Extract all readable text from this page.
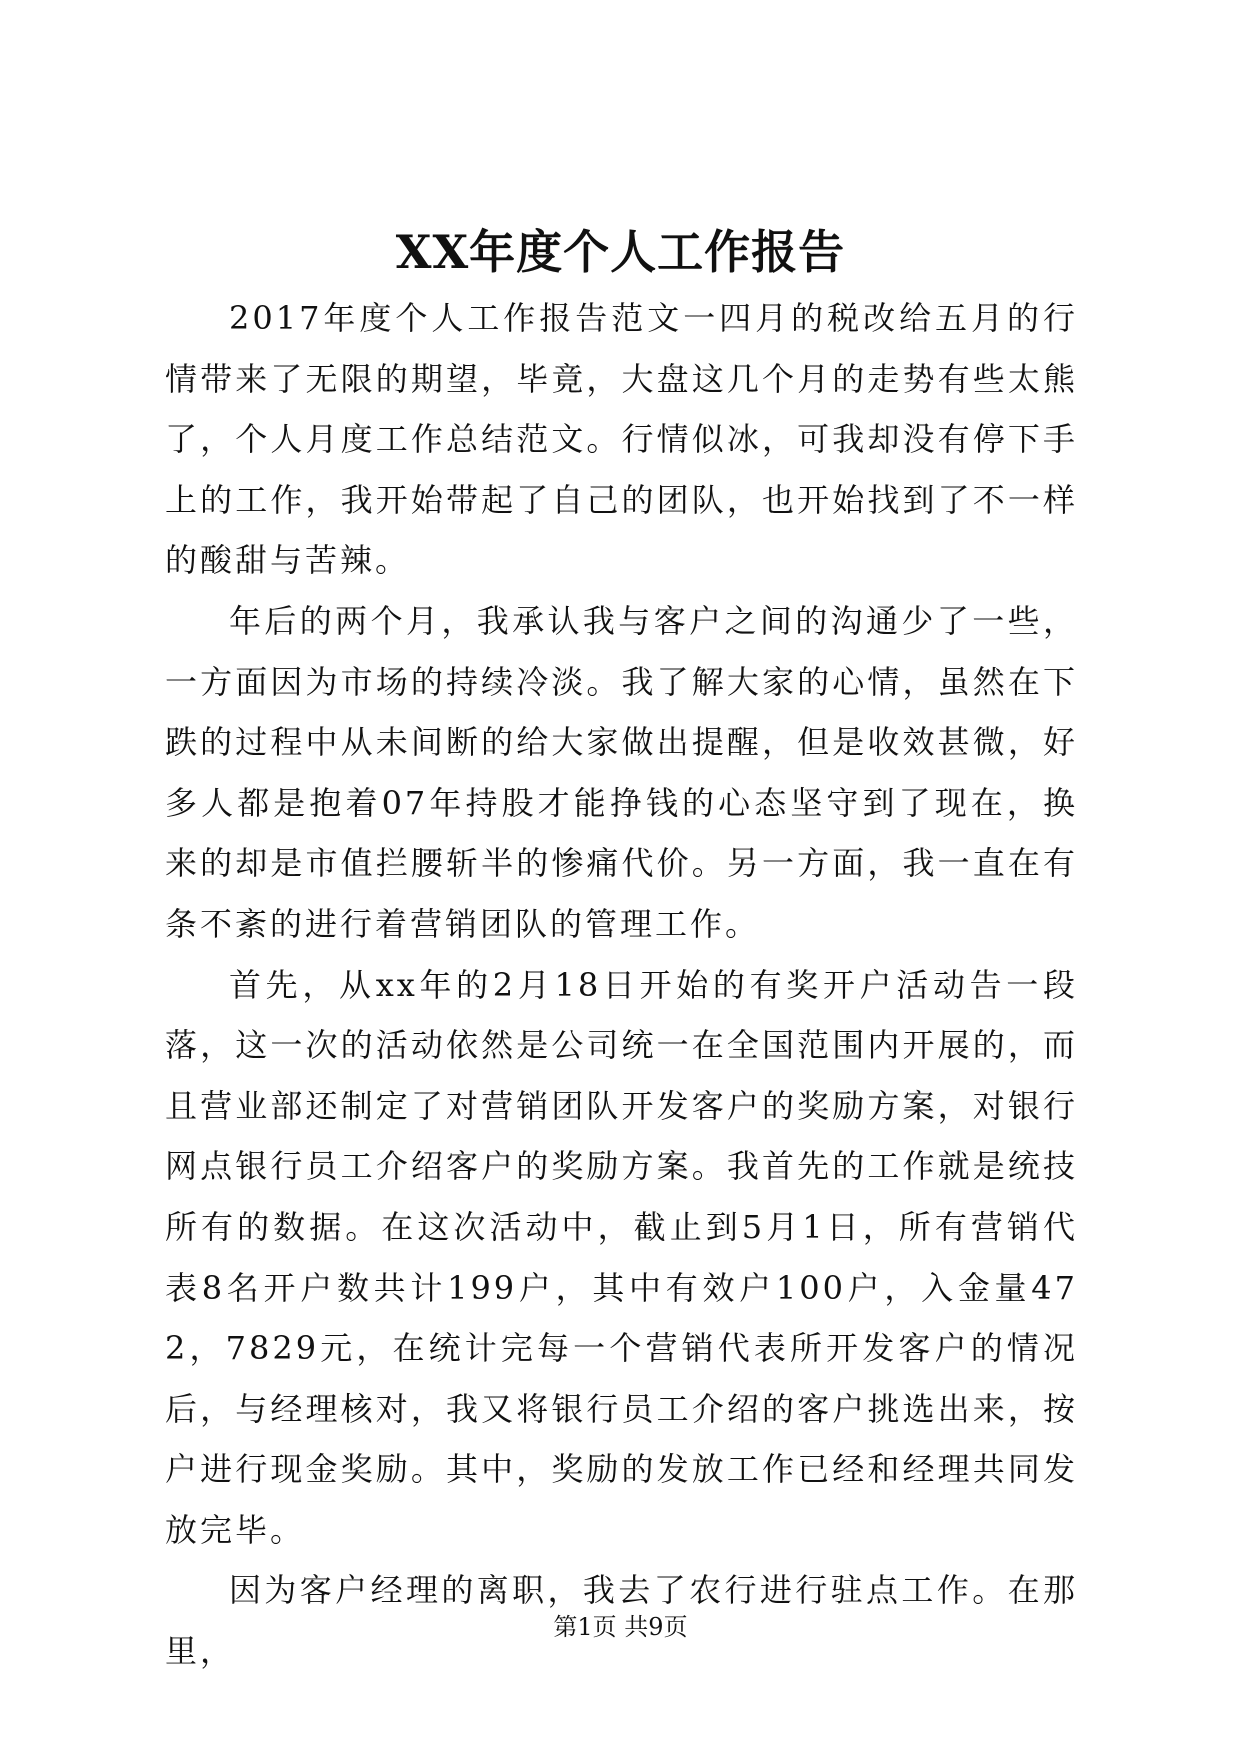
XX年度个人工作报告

2017年度个人工作报告范文一四月的税改给五月的行情带来了无限的期望，毕竟，大盘这几个月的走势有些太熊了，个人月度工作总结范文。行情似冰，可我却没有停下手上的工作，我开始带起了自己的团队，也开始找到了不一样的酸甜与苦辣。

年后的两个月，我承认我与客户之间的沟通少了一些，一方面因为市场的持续冷淡。我了解大家的心情，虽然在下跌的过程中从未间断的给大家做出提醒，但是收效甚微，好多人都是抱着07年持股才能挣钱的心态坚守到了现在，换来的却是市值拦腰斩半的惨痛代价。另一方面，我一直在有条不紊的进行着营销团队的管理工作。

首先，从xx年的2月18日开始的有奖开户活动告一段落，这一次的活动依然是公司统一在全国范围内开展的，而且营业部还制定了对营销团队开发客户的奖励方案，对银行网点银行员工介绍客户的奖励方案。我首先的工作就是统技所有的数据。在这次活动中，截止到5月1日，所有营销代表8名开户数共计199户，其中有效户100户，入金量472，7829元，在统计完每一个营销代表所开发客户的情况后，与经理核对，我又将银行员工介绍的客户挑选出来，按户进行现金奖励。其中，奖励的发放工作已经和经理共同发放完毕。

因为客户经理的离职，我去了农行进行驻点工作。在那里，

第1页 共9页
